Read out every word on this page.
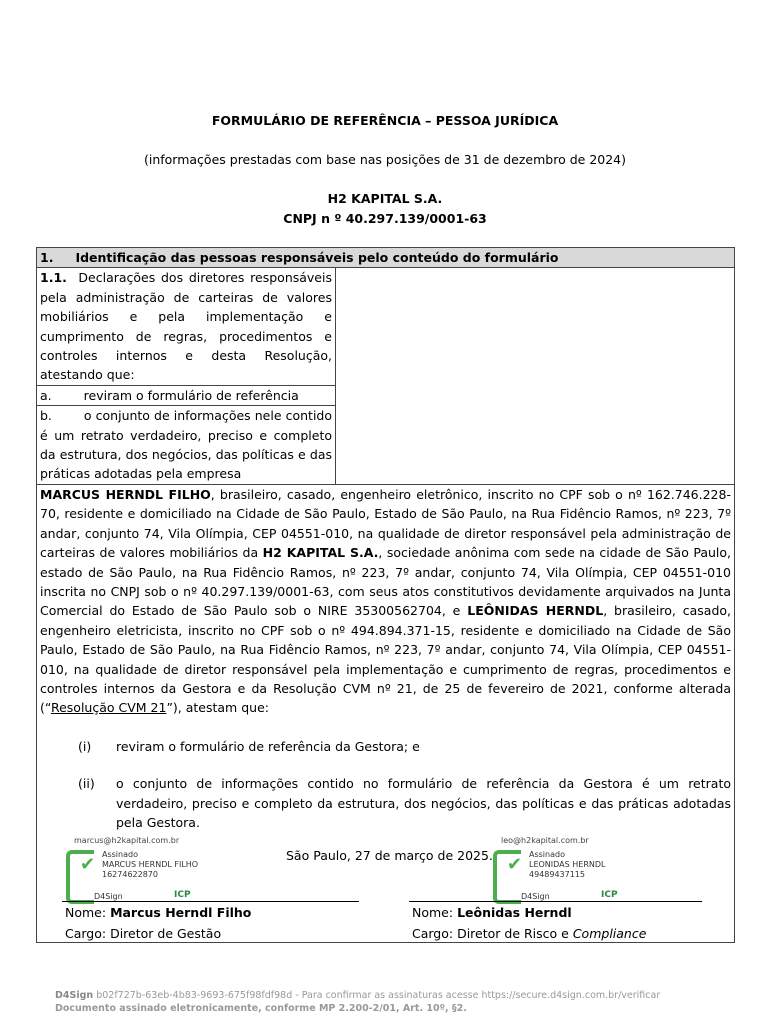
FORMULÁRIO DE REFERÊNCIA – PESSOA JURÍDICA
(informações prestadas com base nas posições de 31 de dezembro de 2024)
H2 KAPITAL S.A.
CNPJ n º 40.297.139/0001-63
1. Identificação das pessoas responsáveis pelo conteúdo do formulário
1.1. Declarações dos diretores responsáveis pela administração de carteiras de valores mobiliários e pela implementação e cumprimento de regras, procedimentos e controles internos e desta Resolução, atestando que:	
a.	reviram o formulário de referência
b.	o conjunto de informações nele contido é um retrato verdadeiro, preciso e completo da estrutura, dos negócios, das políticas e das práticas adotadas pela empresa

MARCUS HERNDL FILHO, brasileiro, casado, engenheiro eletrônico, inscrito no CPF sob o nº 162.746.228-70, residente e domiciliado na Cidade de São Paulo, Estado de São Paulo, na Rua Fidêncio Ramos, nº 223, 7º andar, conjunto 74, Vila Olímpia, CEP 04551-010, na qualidade de diretor responsável pela administração de carteiras de valores mobiliários da H2 KAPITAL S.A., sociedade anônima com sede na cidade de São Paulo, estado de São Paulo, na Rua Fidêncio Ramos, nº 223, 7º andar, conjunto 74, Vila Olímpia, CEP 04551-010 inscrita no CNPJ sob o nº 40.297.139/0001-63, com seus atos constitutivos devidamente arquivados na Junta Comercial do Estado de São Paulo sob o NIRE 35300562704, e LEÔNIDAS HERNDL, brasileiro, casado, engenheiro eletricista, inscrito no CPF sob o nº 494.894.371-15, residente e domiciliado na Cidade de São Paulo, Estado de São Paulo, na Rua Fidêncio Ramos, nº 223, 7º andar, conjunto 74, Vila Olímpia, CEP 04551-010, na qualidade de diretor responsável pela implementação e cumprimento de regras, procedimentos e controles internos da Gestora e da Resolução CVM nº 21, de 25 de fevereiro de 2021, conforme alterada (“Resolução CVM 21”), atestam que:
(i)	reviram o formulário de referência da Gestora; e
(ii)	o conjunto de informações contido no formulário de referência da Gestora é um retrato verdadeiro, preciso e completo da estrutura, dos negócios, das políticas e das práticas adotadas pela Gestora.
marcus@h2kapital.com.br
✔ Assinado
MARCUS HERNDL FILHO
16274622870
D4Sign	ICP
São Paulo, 27 de março de 2025.
leo@h2kapital.com.br
✔ Assinado
LEONIDAS HERNDL
49489437115
D4Sign	ICP
Nome: Marcus Herndl Filho
Cargo: Diretor de Gestão
Nome: Leônidas Herndl
Cargo: Diretor de Risco e Compliance
D4Sign b02f727b-63eb-4b83-9693-675f98fdf98d - Para confirmar as assinaturas acesse https://secure.d4sign.com.br/verificar
Documento assinado eletronicamente, conforme MP 2.200-2/01, Art. 10º, §2.
